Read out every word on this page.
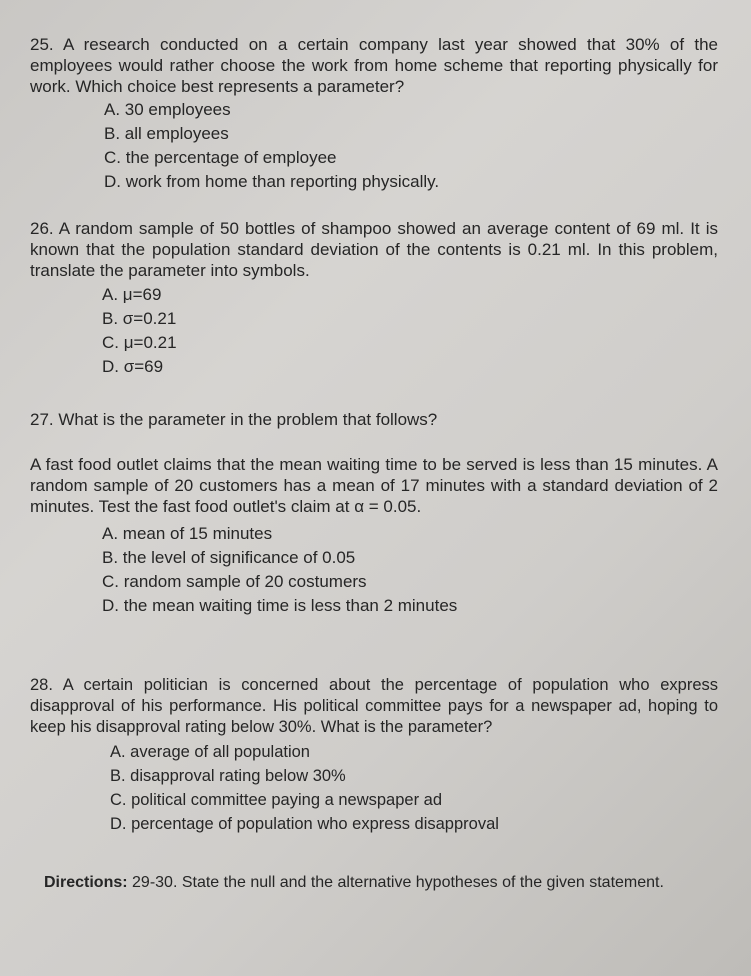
25. A research conducted on a certain company last year showed that 30% of the employees would rather choose the work from home scheme that reporting physically for work. Which choice best represents a parameter?

A. 30 employees
B. all employees
C. the percentage of employee
D. work from home than reporting physically.

26. A random sample of 50 bottles of shampoo showed an average content of 69 ml. It is known that the population standard deviation of the contents is 0.21 ml. In this problem, translate the parameter into symbols.

A. μ=69
B. σ=0.21
C. μ=0.21
D. σ=69

27. What is the parameter in the problem that follows?

A fast food outlet claims that the mean waiting time to be served is less than 15 minutes. A random sample of 20 customers has a mean of 17 minutes with a standard deviation of 2 minutes. Test the fast food outlet's claim at α = 0.05.

A. mean of 15 minutes
B. the level of significance of 0.05
C. random sample of 20 costumers
D. the mean waiting time is less than 2 minutes

28. A certain politician is concerned about the percentage of population who express disapproval of his performance. His political committee pays for a newspaper ad, hoping to keep his disapproval rating below 30%. What is the parameter?

A. average of all population
B. disapproval rating below 30%
C. political committee paying a newspaper ad
D. percentage of population who express disapproval
Directions: 29-30. State the null and the alternative hypotheses of the given statement.
